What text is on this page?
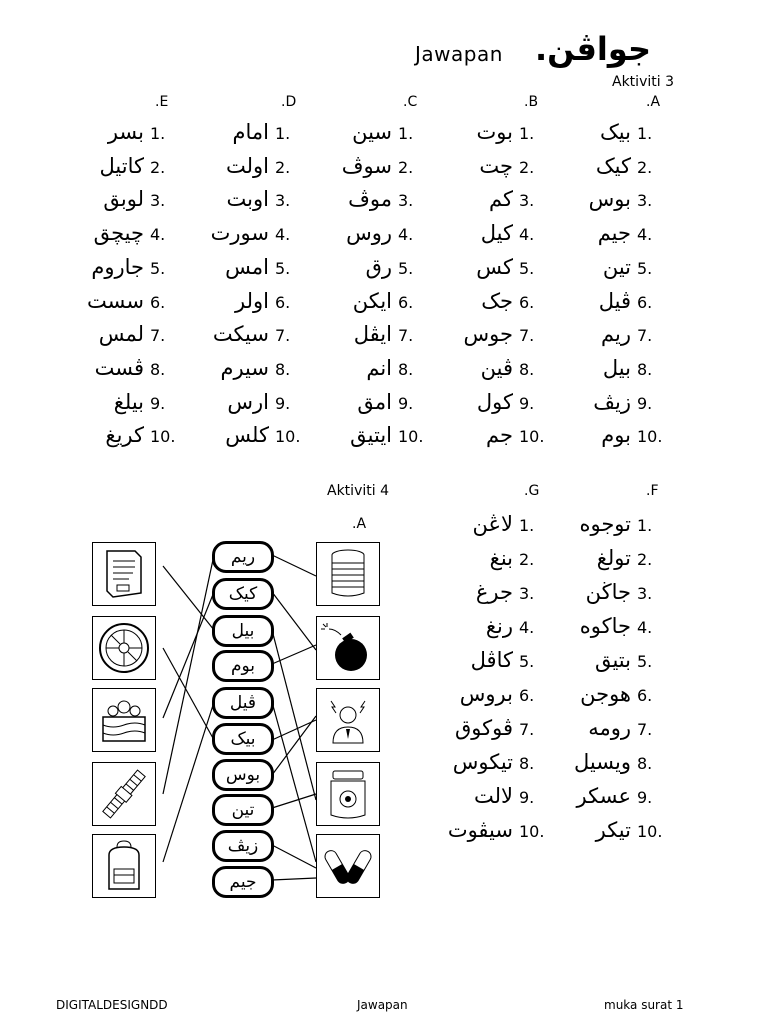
Jawapan جواڤن.
Aktiviti 3
.A
.B
.C
.D
.E
1.
بيک
2.
کيک
3.
بوس
4.
جيم
5.
تين
6.
ڤيل
7.
ريم
8.
بيل
9.
زيڤ
10.
بوم
1.
بوت
2.
چت
3.
کم
4.
کيل
5.
کس
6.
جک
7.
جوس
8.
ڤين
9.
کول
10.
جم
1.
سين
2.
سوڤ
3.
موڤ
4.
روس
5.
رق
6.
ايکن
7.
ايڤل
8.
انم
9.
امق
10.
ايتيق
1.
امام
2.
اولت
3.
اوبت
4.
سورت
5.
امس
6.
اولر
7.
سيکت
8.
سيرم
9.
ارس
10.
کلس
1.
بسر
2.
کاتيل
3.
لوبق
4.
چيچق
5.
جاروم
6.
سست
7.
لمس
8.
ڤست
9.
بيلغ
10.
کريغ
Aktiviti 4
.A
.F
.G
1.
توجوه
2.
تولغ
3.
جاڬن
4.
جاکوه
5.
بتيق
6.
هوجن
7.
رومه
8.
ويسيل
9.
عسکر
10.
تيکر
1.
لاڠن
2.
بنغ
3.
جرغ
4.
رنغ
5.
کاڤل
6.
بروس
7.
ڤوکوق
8.
تيکوس
9.
لالت
10.
سيڤوت
ريم
کيک
بيل
بوم
ڤيل
بيک
بوس
تين
زيڤ
جيم
DIGITALDESIGNDD	Jawapan	muka surat 1
